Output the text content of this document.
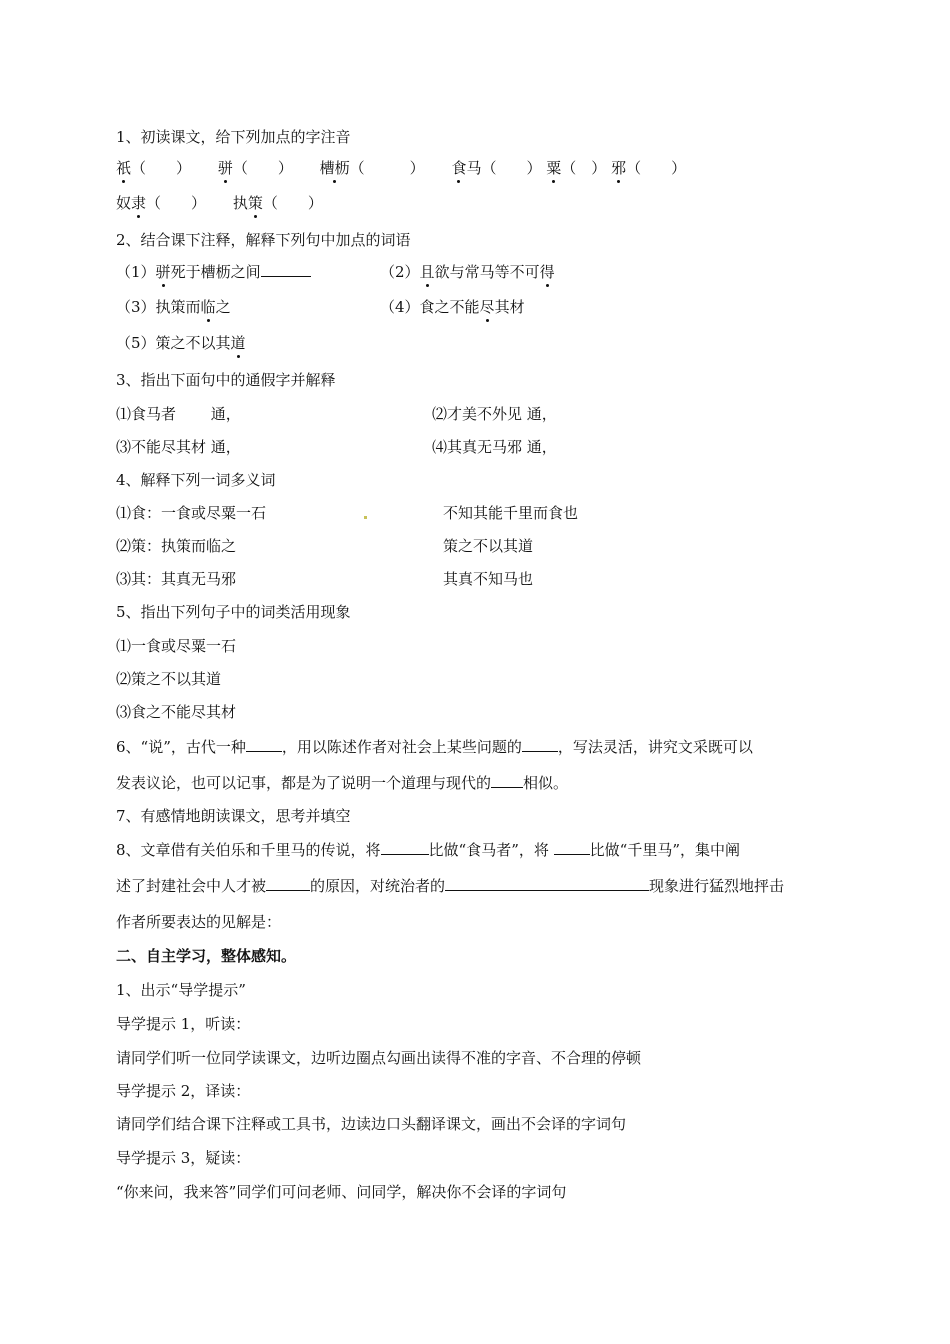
1、初读课文，给下列加点的字注音
祇（　　） 骈（　　） 槽枥（　　　） 食马（　　） 粟（　） 邪（　　）
奴隶（　　） 执策（　　）
2、结合课下注释，解释下列句中加点的词语
（1）骈死于槽枥之间	（2）且欲与常马等不可得
（3）执策而临之	（4）食之不能尽其材
（5）策之不以其道
3、指出下面句中的通假字并解释
⑴食马者　　 通，	⑵才美不外见 通，
⑶不能尽其材 通，	⑷其真无马邪 通，
4、解释下列一词多义词
⑴食：一食或尽粟一石	不知其能千里而食也
⑵策：执策而临之	策之不以其道
⑶其：其真无马邪	其真不知马也
5、指出下列句子中的词类活用现象
⑴一食或尽粟一石
⑵策之不以其道
⑶食之不能尽其材
6、“说”，古代一种 ，用以陈述作者对社会上某些问题的 ，写法灵活，讲究文采既可以
发表议论，也可以记事，都是为了说明一个道理与现代的 相似。
7、有感情地朗读课文，思考并填空
8、文章借有关伯乐和千里马的传说，将	比做“食马者”，将 比做“千里马”，集中阐
述了封建社会中人才被	的原因，对统治者的	现象进行猛烈地抨击
作者所要表达的见解是：
二、自主学习，整体感知。
1、出示“导学提示”
导学提示 1，听读：
请同学们听一位同学读课文，边听边圈点勾画出读得不准的字音、不合理的停顿
导学提示 2，译读：
请同学们结合课下注释或工具书，边读边口头翻译课文，画出不会译的字词句
导学提示 3，疑读：
“你来问，我来答”同学们可问老师、问同学，解决你不会译的字词句
